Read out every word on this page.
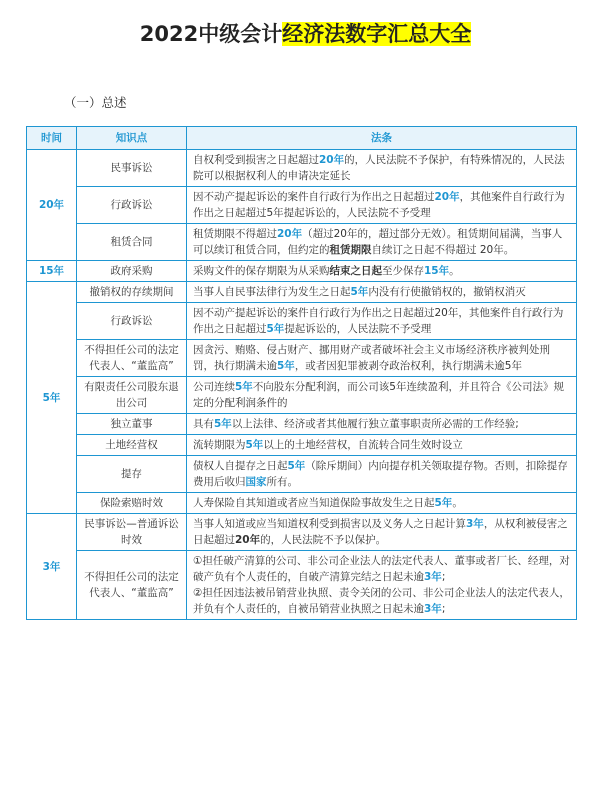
2022中级会计经济法数字汇总大全
（一）总述
时间	知识点	法条
20年	民事诉讼	自权利受到损害之日起超过20年的，人民法院不予保护，有特殊情况的，人民法院可以根据权利人的申请决定延长
	行政诉讼	因不动产提起诉讼的案件自行政行为作出之日起超过20年，其他案件自行政行为作出之日起超过5年提起诉讼的，人民法院不予受理
	租赁合同	租赁期限不得超过20年（超过20年的，超过部分无效）。租赁期间届满，当事人可以续订租赁合同，但约定的租赁期限自续订之日起不得超过 20年。
15年	政府采购	采购文件的保存期限为从采购结束之日起至少保存15年。
5年	撤销权的存续期间	当事人自民事法律行为发生之日起5年内没有行使撤销权的，撤销权消灭
	行政诉讼	因不动产提起诉讼的案件自行政行为作出之日起超过20年，其他案件自行政行为作出之日起超过5年提起诉讼的，人民法院不予受理
	不得担任公司的法定代表人、“董监高”	因贪污、贿赂、侵占财产、挪用财产或者破坏社会主义市场经济秩序被判处刑罚，执行期满未逾5年，或者因犯罪被剥夺政治权利，执行期满未逾5年
	有限责任公司股东退出公司	公司连续5年不向股东分配利润，而公司该5年连续盈利，并且符合《公司法》规定的分配利润条件的
	独立董事	具有5年以上法律、经济或者其他履行独立董事职责所必需的工作经验;
	土地经营权	流转期限为5年以上的土地经营权，自流转合同生效时设立
	提存	债权人自提存之日起5年（除斥期间）内向提存机关领取提存物。否则，扣除提存费用后收归国家所有。
	保险索赔时效	人寿保险自其知道或者应当知道保险事故发生之日起5年。
3年	民事诉讼—普通诉讼时效	当事人知道或应当知道权利受到损害以及义务人之日起计算3年，从权利被侵害之日起超过20年的，人民法院不予以保护。
	不得担任公司的法定代表人、“董监高”	①担任破产清算的公司、非公司企业法人的法定代表人、董事或者厂长、经理，对破产负有个人责任的，自破产清算完结之日起未逾3年;
②担任因违法被吊销营业执照、责令关闭的公司、非公司企业法人的法定代表人，并负有个人责任的，自被吊销营业执照之日起未逾3年;
